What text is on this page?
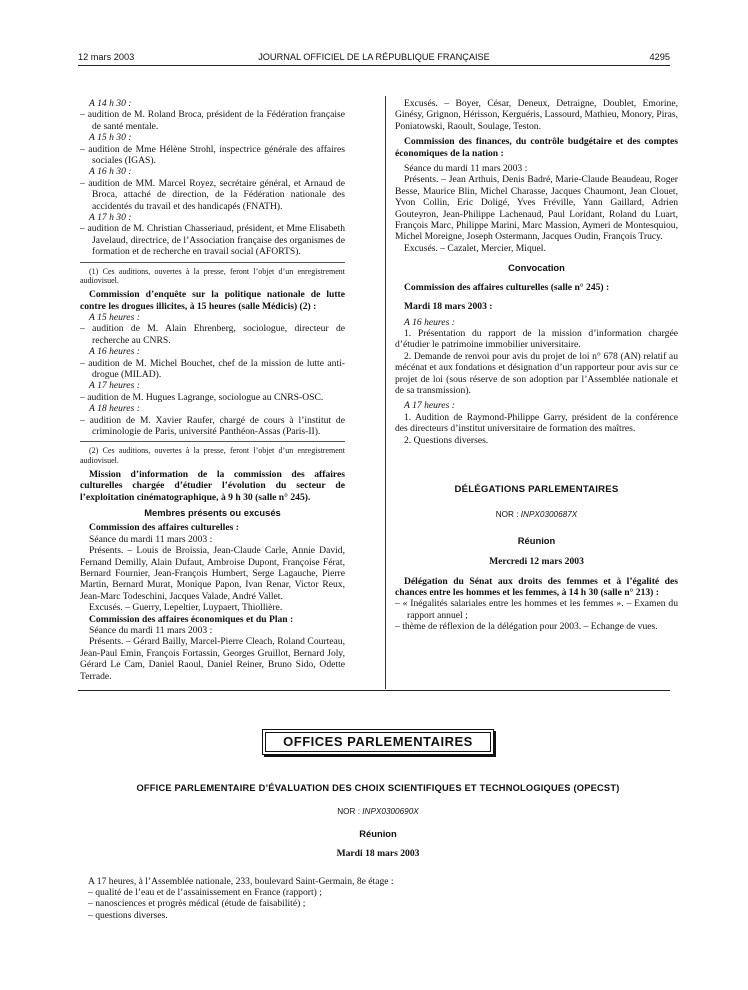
12 mars 2003	JOURNAL OFFICIEL DE LA RÉPUBLIQUE FRANÇAISE	4295

A 14 h 30 :

– audition de M. Roland Broca, président de la Fédération française de santé mentale.

A 15 h 30 :

– audition de Mme Hélène Strohl, inspectrice générale des affaires sociales (IGAS).

A 16 h 30 :

– audition de MM. Marcel Royez, secrétaire général, et Arnaud de Broca, attaché de direction, de la Fédération nationale des accidentés du travail et des handicapés (FNATH).

A 17 h 30 :

– audition de M. Christian Chasseriaud, président, et Mme Elisabeth Javelaud, directrice, de l’Association française des organismes de formation et de recherche en travail social (AFORTS).

(1) Ces auditions, ouvertes à la presse, feront l’objet d’un enregistrement audiovisuel.

Commission d’enquête sur la politique nationale de lutte contre les drogues illicites, à 15 heures (salle Médicis) (2) :

A 15 heures :

– audition de M. Alain Ehrenberg, sociologue, directeur de recherche au CNRS.

A 16 heures :

– audition de M. Michel Bouchet, chef de la mission de lutte anti-drogue (MILAD).

A 17 heures :

– audition de M. Hugues Lagrange, sociologue au CNRS-OSC.

A 18 heures :

– audition de M. Xavier Raufer, chargé de cours à l’institut de criminologie de Paris, université Panthéon-Assas (Paris-II).

(2) Ces auditions, ouvertes à la presse, feront l’objet d’un enregistrement audiovisuel.

Mission d’information de la commission des affaires culturelles chargée d’étudier l’évolution du secteur de l’exploitation cinématographique, à 9 h 30 (salle n° 245).

Membres présents ou excusés

Commission des affaires culturelles :

Séance du mardi 11 mars 2003 :

Présents. – Louis de Broissia, Jean-Claude Carle, Annie David, Fernand Demilly, Alain Dufaut, Ambroise Dupont, Françoise Férat, Bernard Fournier, Jean-François Humbert, Serge Lagauche, Pierre Martin, Bernard Murat, Monique Papon, Ivan Renar, Victor Reux, Jean-Marc Todeschini, Jacques Valade, André Vallet.

Excusés. – Guerry, Lepeltier, Luypaert, Thiollière.

Commission des affaires économiques et du Plan :

Séance du mardi 11 mars 2003 :

Présents. – Gérard Bailly, Marcel-Pierre Cleach, Roland Courteau, Jean-Paul Emin, François Fortassin, Georges Gruillot, Bernard Joly, Gérard Le Cam, Daniel Raoul, Daniel Reiner, Bruno Sido, Odette Terrade.

Excusés. – Boyer, César, Deneux, Detraigne, Doublet, Emorine, Ginésy, Grignon, Hérisson, Kerguéris, Lassourd, Mathieu, Monory, Piras, Poniatowski, Raoult, Soulage, Teston.

Commission des finances, du contrôle budgétaire et des comptes économiques de la nation :

Séance du mardi 11 mars 2003 :

Présents. – Jean Arthuis, Denis Badré, Marie-Claude Beaudeau, Roger Besse, Maurice Blin, Michel Charasse, Jacques Chaumont, Jean Clouet, Yvon Collin, Eric Doligé, Yves Fréville, Yann Gaillard, Adrien Gouteyron, Jean-Philippe Lachenaud, Paul Loridant, Roland du Luart, François Marc, Philippe Marini, Marc Massion, Aymeri de Montesquiou, Michel Moreigne, Joseph Ostermann, Jacques Oudin, François Trucy.

Excusés. – Cazalet, Mercier, Miquel.

Convocation

Commission des affaires culturelles (salle n° 245) :

Mardi 18 mars 2003 :

A 16 heures :

1. Présentation du rapport de la mission d’information chargée d’étudier le patrimoine immobilier universitaire.

2. Demande de renvoi pour avis du projet de loi n° 678 (AN) relatif au mécénat et aux fondations et désignation d’un rapporteur pour avis sur ce projet de loi (sous réserve de son adoption par l’Assemblée nationale et de sa transmission).

A 17 heures :

1. Audition de Raymond-Philippe Garry, président de la conférence des directeurs d’institut universitaire de formation des maîtres.

2. Questions diverses.

DÉLÉGATIONS PARLEMENTAIRES

NOR : INPX0300687X

Réunion

Mercredi 12 mars 2003

Délégation du Sénat aux droits des femmes et à l’égalité des chances entre les hommes et les femmes, à 14 h 30 (salle n° 213) :

– « Inégalités salariales entre les hommes et les femmes ». – Examen du rapport annuel ;

– thème de réflexion de la délégation pour 2003. – Echange de vues.

OFFICES PARLEMENTAIRES

OFFICE PARLEMENTAIRE D’ÉVALUATION DES CHOIX SCIENTIFIQUES ET TECHNOLOGIQUES (OPECST)

NOR : INPX0300690X

Réunion

Mardi 18 mars 2003

A 17 heures, à l’Assemblée nationale, 233, boulevard Saint-Germain, 8e étage :

– qualité de l’eau et de l’assainissement en France (rapport) ;

– nanosciences et progrès médical (étude de faisabilité) ;

– questions diverses.
